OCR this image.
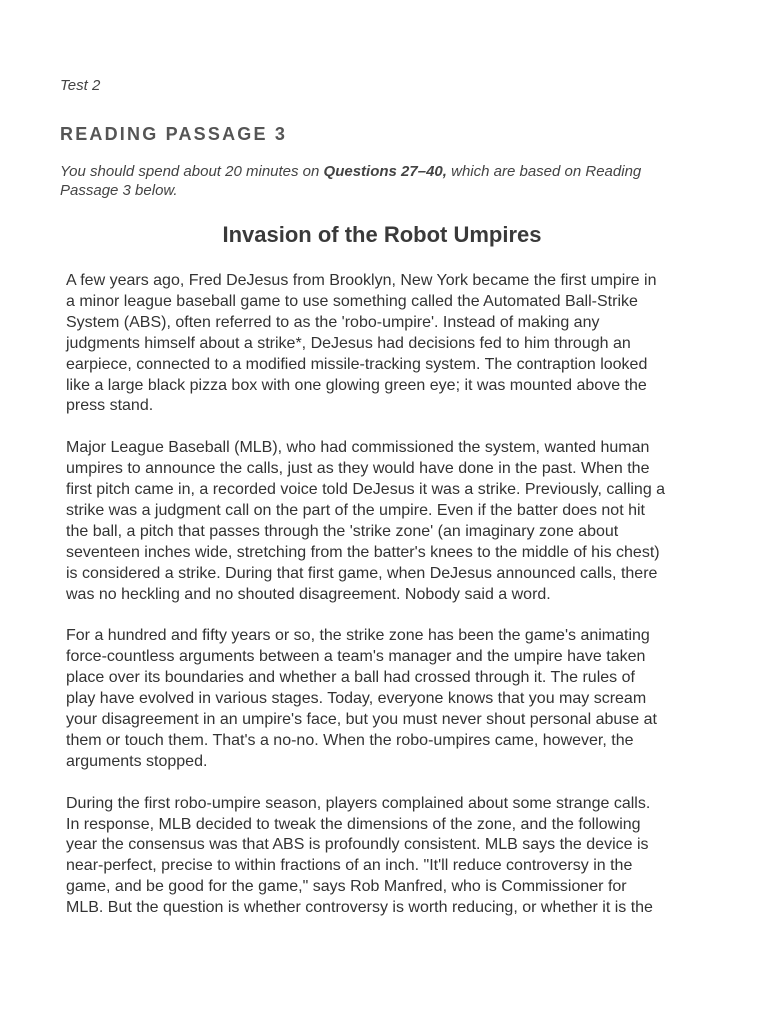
Test 2
READING PASSAGE 3
You should spend about 20 minutes on Questions 27–40, which are based on Reading
Passage 3 below.
Invasion of the Robot Umpires
A few years ago, Fred DeJesus from Brooklyn, New York became the first umpire in
a minor league baseball game to use something called the Automated Ball-Strike
System (ABS), often referred to as the 'robo-umpire'. Instead of making any
judgments himself about a strike*, DeJesus had decisions fed to him through an
earpiece, connected to a modified missile-tracking system. The contraption looked
like a large black pizza box with one glowing green eye; it was mounted above the
press stand.
Major League Baseball (MLB), who had commissioned the system, wanted human
umpires to announce the calls, just as they would have done in the past. When the
first pitch came in, a recorded voice told DeJesus it was a strike. Previously, calling a
strike was a judgment call on the part of the umpire. Even if the batter does not hit
the ball, a pitch that passes through the 'strike zone' (an imaginary zone about
seventeen inches wide, stretching from the batter's knees to the middle of his chest)
is considered a strike. During that first game, when DeJesus announced calls, there
was no heckling and no shouted disagreement. Nobody said a word.
For a hundred and fifty years or so, the strike zone has been the game's animating
force-countless arguments between a team's manager and the umpire have taken
place over its boundaries and whether a ball had crossed through it. The rules of
play have evolved in various stages. Today, everyone knows that you may scream
your disagreement in an umpire's face, but you must never shout personal abuse at
them or touch them. That's a no-no. When the robo-umpires came, however, the
arguments stopped.
During the first robo-umpire season, players complained about some strange calls.
In response, MLB decided to tweak the dimensions of the zone, and the following
year the consensus was that ABS is profoundly consistent. MLB says the device is
near-perfect, precise to within fractions of an inch. "It'll reduce controversy in the
game, and be good for the game," says Rob Manfred, who is Commissioner for
MLB. But the question is whether controversy is worth reducing, or whether it is the
